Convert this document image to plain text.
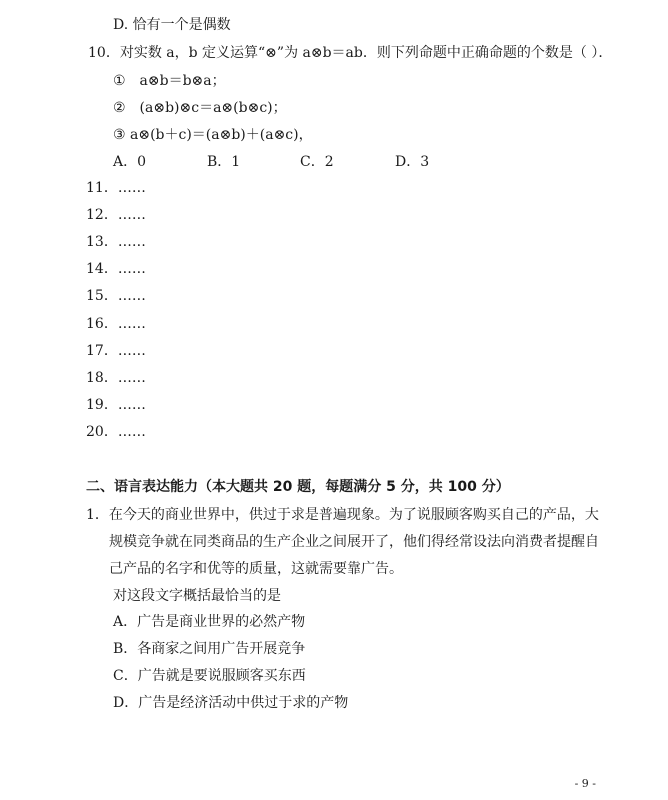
D. 恰有一个是偶数
10．对实数 a，b 定义运算“⊗”为 a⊗b＝ab．则下列命题中正确命题的个数是（ ）．
①　a⊗b＝b⊗a；
②　(a⊗b)⊗c＝a⊗(b⊗c)；
③ a⊗(b＋c)＝(a⊗b)＋(a⊗c)，
A．0	B．1	C．2	D．3
11．……
12．……
13．……
14．……
15．……
16．……
17．……
18．……
19．……
20．……
二、语言表达能力（本大题共 20 题，每题满分 5 分，共 100 分）
1．在今天的商业世界中，供过于求是普遍现象。为了说服顾客购买自己的产品，大
规模竞争就在同类商品的生产企业之间展开了，他们得经常设法向消费者提醒自
己产品的名字和优等的质量，这就需要靠广告。
对这段文字概括最恰当的是
A．广告是商业世界的必然产物
B．各商家之间用广告开展竞争
C．广告就是要说服顾客买东西
D．广告是经济活动中供过于求的产物
- 9 -
